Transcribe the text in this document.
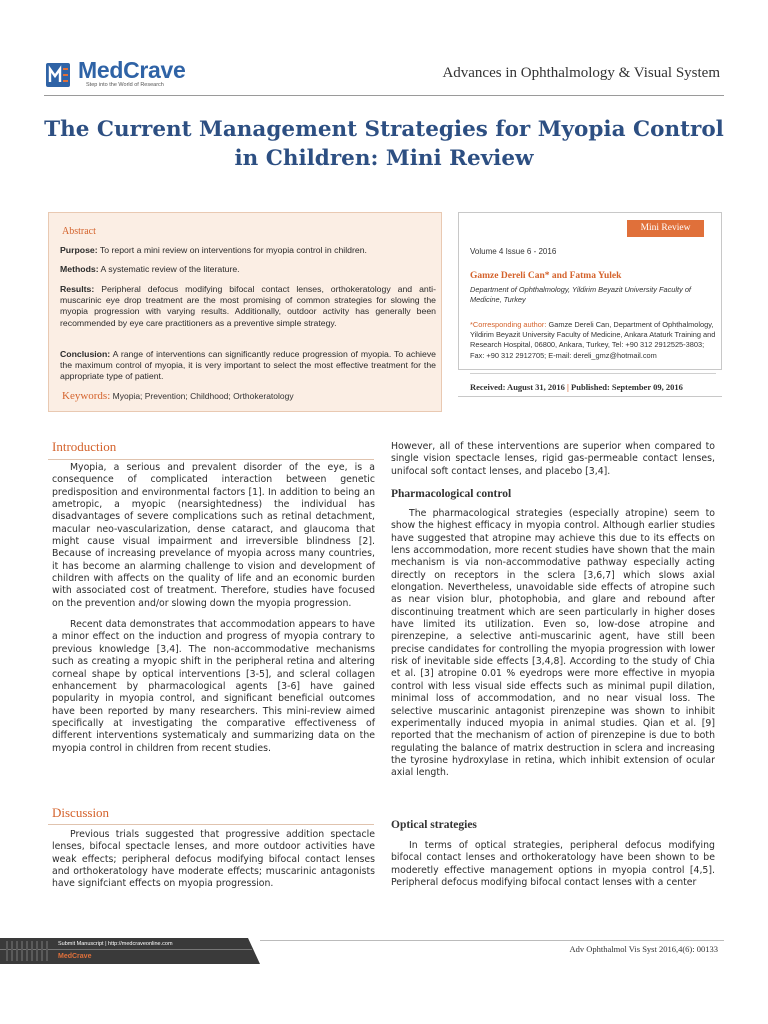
MedCrave
Step into the World of Research
Advances in Ophthalmology & Visual System
The Current Management Strategies for Myopia Control
in Children: Mini Review
Abstract
Purpose: To report a mini review on interventions for myopia control in children.
Methods: A systematic review of the literature.
Results: Peripheral defocus modifying bifocal contact lenses, orthokeratology and anti-muscarinic eye drop treatment are the most promising of common strategies for slowing the myopia progression with varying results. Additionally, outdoor activity has generally been recommended by eye care practitioners as a preventive simple strategy.
Conclusion: A range of interventions can significantly reduce progression of myopia. To achieve the maximum control of myopia, it is very important to select the most effective treatment for the appropriate type of patient.
Keywords: Myopia; Prevention; Childhood; Orthokeratology
Mini Review
Volume 4 Issue 6 - 2016
Gamze Dereli Can* and Fatma Yulek
Department of Ophthalmology, Yildirim Beyazit University Faculty of Medicine, Turkey
*Corresponding author: Gamze Dereli Can, Department of Ophthalmology, Yildirim Beyazit University Faculty of Medicine, Ankara Ataturk Training and Research Hospital, 06800, Ankara, Turkey, Tel: +90 312 2912525-3803; Fax: +90 312 2912705; E-mail: dereli_gmz@hotmail.com
Received: August 31, 2016 | Published: September 09, 2016
Introduction

Myopia, a serious and prevalent disorder of the eye, is a consequence of complicated interaction between genetic predisposition and environmental factors [1]. In addition to being an ametropic, a myopic (nearsightedness) the individual has disadvantages of severe complications such as retinal detachment, macular neo-vascularization, dense cataract, and glaucoma that might cause visual impairment and irreversible blindness [2]. Because of increasing prevelance of myopia across many countries, it has become an alarming challenge to vision and development of children with affects on the quality of life and an economic burden with associated cost of treatment. Therefore, studies have focused on the prevention and/or slowing down the myopia progression.

Recent data demonstrates that accommodation appears to have a minor effect on the induction and progress of myopia contrary to previous knowledge [3,4]. The non-accommodative mechanisms such as creating a myopic shift in the peripheral retina and altering corneal shape by optical interventions [3-5], and scleral collagen enhancement by pharmacological agents [3-6] have gained popularity in myopia control, and significant beneficial outcomes have been reported by many researchers. This mini-review aimed specifically at investigating the comparative effectiveness of different interventions systematicaly and summarizing data on the myopia control in children from recent studies.

Discussion

Previous trials suggested that progressive addition spectacle lenses, bifocal spectacle lenses, and more outdoor activities have weak effects; peripheral defocus modifying bifocal contact lenses and orthokeratology have moderate effects; muscarinic antagonists have signifciant effects on myopia progression.

However, all of these interventions are superior when compared to single vision spectacle lenses, rigid gas-permeable contact lenses, unifocal soft contact lenses, and placebo [3,4].

Pharmacological control

The pharmacological strategies (especially atropine) seem to show the highest efficacy in myopia control. Although earlier studies have suggested that atropine may achieve this due to its effects on lens accommodation, more recent studies have shown that the main mechanism is via non-accommodative pathway especially acting directly on receptors in the sclera [3,6,7] which slows axial elongation. Nevertheless, unavoidable side effects of atropine such as near vision blur, photophobia, and glare and rebound after discontinuing treatment which are seen particularly in higher doses have limited its utilization. Even so, low-dose atropine and pirenzepine, a selective anti-muscarinic agent, have still been precise candidates for controlling the myopia progression with lower risk of inevitable side effects [3,4,8]. According to the study of Chia et al. [3] atropine 0.01 % eyedrops were more effective in myopia control with less visual side effects such as minimal pupil dilation, minimal loss of accommodation, and no near visual loss. The selective muscarinic antagonist pirenzepine was shown to inhibit experimentally induced myopia in animal studies. Qian et al. [9] reported that the mechanism of action of pirenzepine is due to both regulating the balance of matrix destruction in sclera and increasing the tyrosine hydroxylase in retina, which inhibit extension of ocular axial length.

Optical strategies

In terms of optical strategies, peripheral defocus modifying bifocal contact lenses and orthokeratology have been shown to be moderetly effective management options in myopia control [4,5]. Peripheral defocus modifying bifocal contact lenses with a center

Submit Manuscript | http://medcraveonline.com
MedCrave
Adv Ophthalmol Vis Syst 2016,4(6): 00133
